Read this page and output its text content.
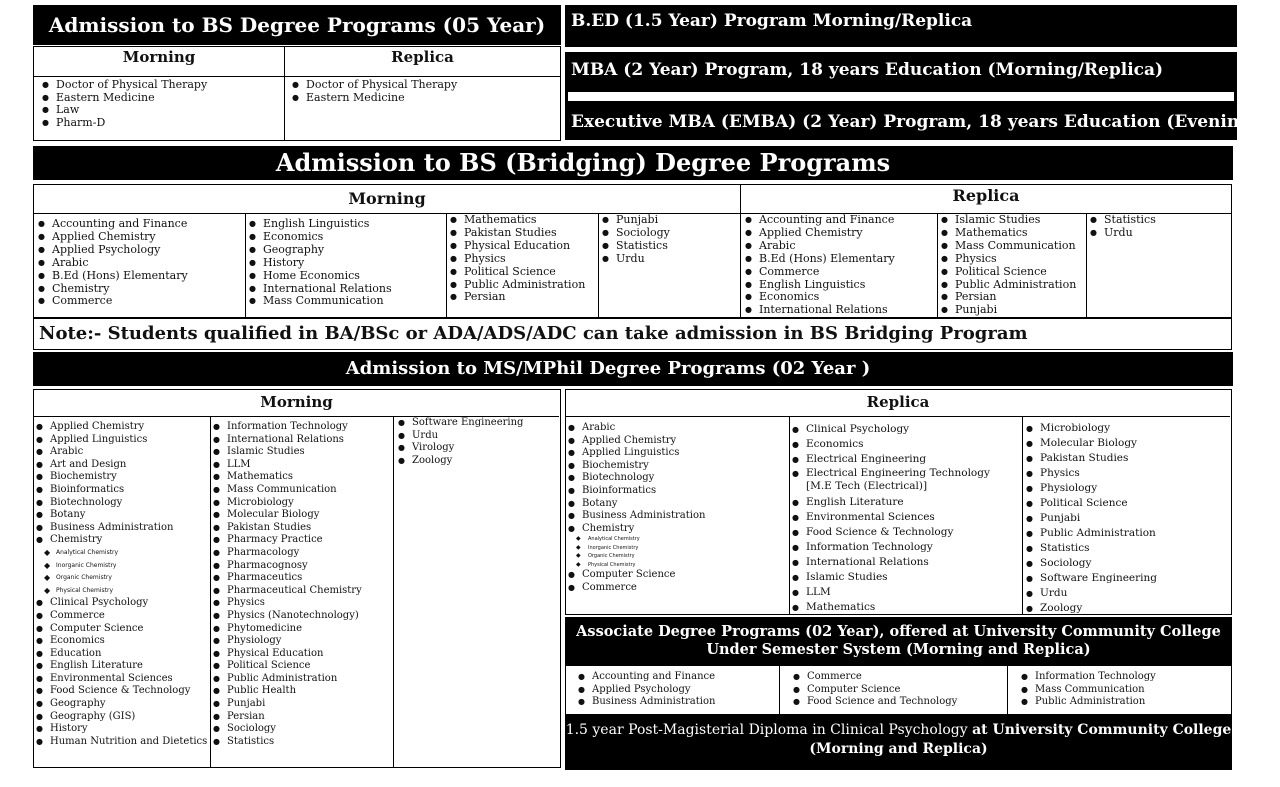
Admission to BS Degree Programs (05 Year)
Morning	Replica
● Doctor of Physical Therapy
● Eastern Medicine
● Law
● Pharm-D
● Doctor of Physical Therapy
● Eastern Medicine
B.ED (1.5 Year) Program Morning/Replica
MBA (2 Year) Program, 18 years Education (Morning/Replica)
Executive MBA (EMBA) (2 Year) Program, 18 years Education (Evening)
Admission to BS (Bridging) Degree Programs
Morning	Replica
● Accounting and Finance
● Applied Chemistry
● Applied Psychology
● Arabic
● B.Ed (Hons) Elementary
● Chemistry
● Commerce
● English Linguistics
● Economics
● Geography
● History
● Home Economics
● International Relations
● Mass Communication
● Mathematics
● Pakistan Studies
● Physical Education
● Physics
● Political Science
● Public Administration
● Persian
● Punjabi
● Sociology
● Statistics
● Urdu
● Accounting and Finance
● Applied Chemistry
● Arabic
● B.Ed (Hons) Elementary
● Commerce
● English Linguistics
● Economics
● International Relations
● Islamic Studies
● Mathematics
● Mass Communication
● Physics
● Political Science
● Public Administration
● Persian
● Punjabi
● Statistics
● Urdu
Note:- Students qualified in BA/BSc or ADA/ADS/ADC can take admission in BS Bridging Program
Admission to MS/MPhil Degree Programs (02 Year )
Morning
● Applied Chemistry
● Applied Linguistics
● Arabic
● Art and Design
● Biochemistry
● Bioinformatics
● Biotechnology
● Botany
● Business Administration
● Chemistry
◆ Analytical Chemistry
◆ Inorganic Chemistry
◆ Organic Chemistry
◆ Physical Chemistry
● Clinical Psychology
● Commerce
● Computer Science
● Economics
● Education
● English Literature
● Environmental Sciences
● Food Science & Technology
● Geography
● Geography (GIS)
● History
● Human Nutrition and Dietetics
● Information Technology
● International Relations
● Islamic Studies
● LLM
● Mathematics
● Mass Communication
● Microbiology
● Molecular Biology
● Pakistan Studies
● Pharmacy Practice
● Pharmacology
● Pharmacognosy
● Pharmaceutics
● Pharmaceutical Chemistry
● Physics
● Physics (Nanotechnology)
● Phytomedicine
● Physiology
● Physical Education
● Political Science
● Public Administration
● Public Health
● Punjabi
● Persian
● Sociology
● Statistics
● Software Engineering
● Urdu
● Virology
● Zoology
Replica
● Arabic
● Applied Chemistry
● Applied Linguistics
● Biochemistry
● Biotechnology
● Bioinformatics
● Botany
● Business Administration
● Chemistry
◆ Analytical Chemistry
◆ Inorganic Chemistry
◆ Organic Chemistry
◆ Physical Chemistry
● Computer Science
● Commerce
● Clinical Psychology
● Economics
● Electrical Engineering
● Electrical Engineering Technology [M.E Tech (Electrical)]
● English Literature
● Environmental Sciences
● Food Science & Technology
● Information Technology
● International Relations
● Islamic Studies
● LLM
● Mathematics
● Microbiology
● Molecular Biology
● Pakistan Studies
● Physics
● Physiology
● Political Science
● Punjabi
● Public Administration
● Statistics
● Sociology
● Software Engineering
● Urdu
● Zoology
Associate Degree Programs (02 Year), offered at University Community College
Under Semester System (Morning and Replica)
● Accounting and Finance
● Applied Psychology
● Business Administration
● Commerce
● Computer Science
● Food Science and Technology
● Information Technology
● Mass Communication
● Public Administration
1.5 year Post-Magisterial Diploma in Clinical Psychology at University Community College
(Morning and Replica)
